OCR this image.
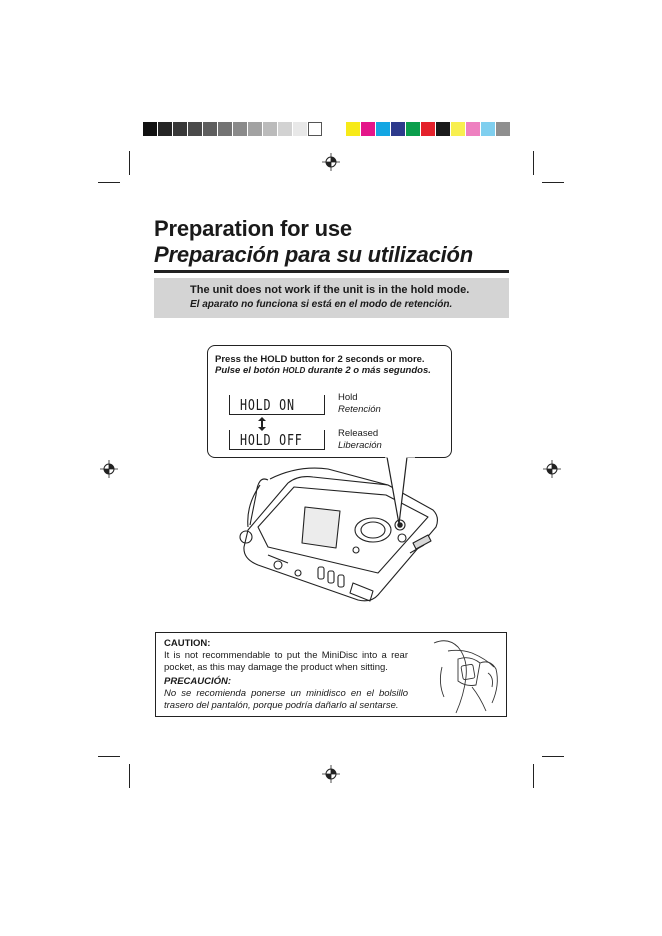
Preparation for use
Preparación para su utilización
The unit does not work if the unit is in the hold mode.
El aparato no funciona si está en el modo de retención.
Press the HOLD button for 2 seconds or more.
Pulse el botón HOLD durante 2 o más segundos.
HOLD ON
HOLD OFF
Hold
Retención
Released
Liberación
CAUTION:
It is not recommendable to put the MiniDisc into a rear pocket, as this may damage the product when sitting.
PRECAUCIÓN:
No se recomienda ponerse un minidisco en el bolsillo trasero del pantalón, porque podría dañarlo al sentarse.
